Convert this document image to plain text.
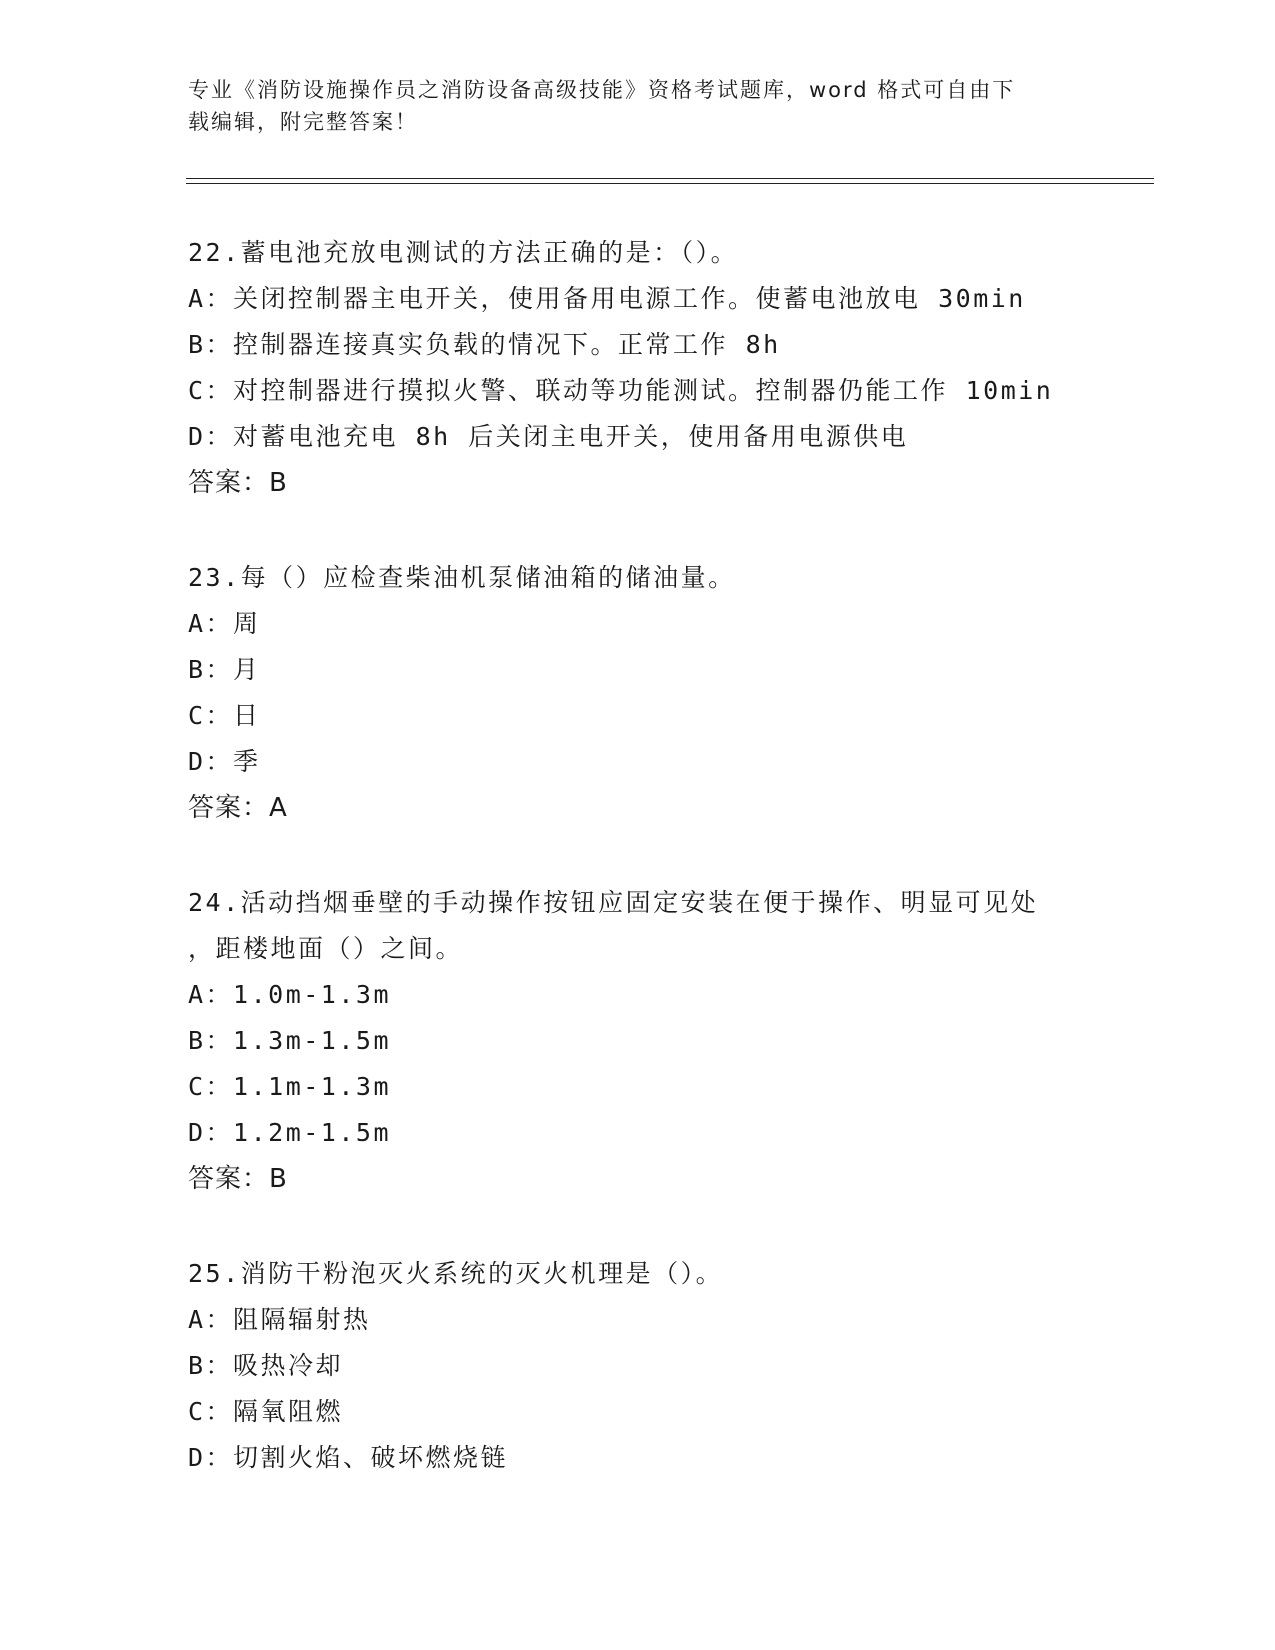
专业《消防设施操作员之消防设备高级技能》资格考试题库，word 格式可自由下
载编辑，附完整答案！
22.蓄电池充放电测试的方法正确的是：（）。
A：关闭控制器主电开关，使用备用电源工作。使蓄电池放电 30min
B：控制器连接真实负载的情况下。正常工作 8h
C：对控制器进行摸拟火警、联动等功能测试。控制器仍能工作 10min
D：对蓄电池充电 8h 后关闭主电开关，使用备用电源供电
答案：B
23.每（）应检查柴油机泵储油箱的储油量。
A：周
B：月
C：日
D：季
答案：A
24.活动挡烟垂壁的手动操作按钮应固定安装在便于操作、明显可见处
，距楼地面（）之间。
A：1.0m-1.3m
B：1.3m-1.5m
C：1.1m-1.3m
D：1.2m-1.5m
答案：B
25.消防干粉泡灭火系统的灭火机理是（）。
A：阻隔辐射热
B：吸热冷却
C：隔氧阻燃
D：切割火焰、破坏燃烧链
